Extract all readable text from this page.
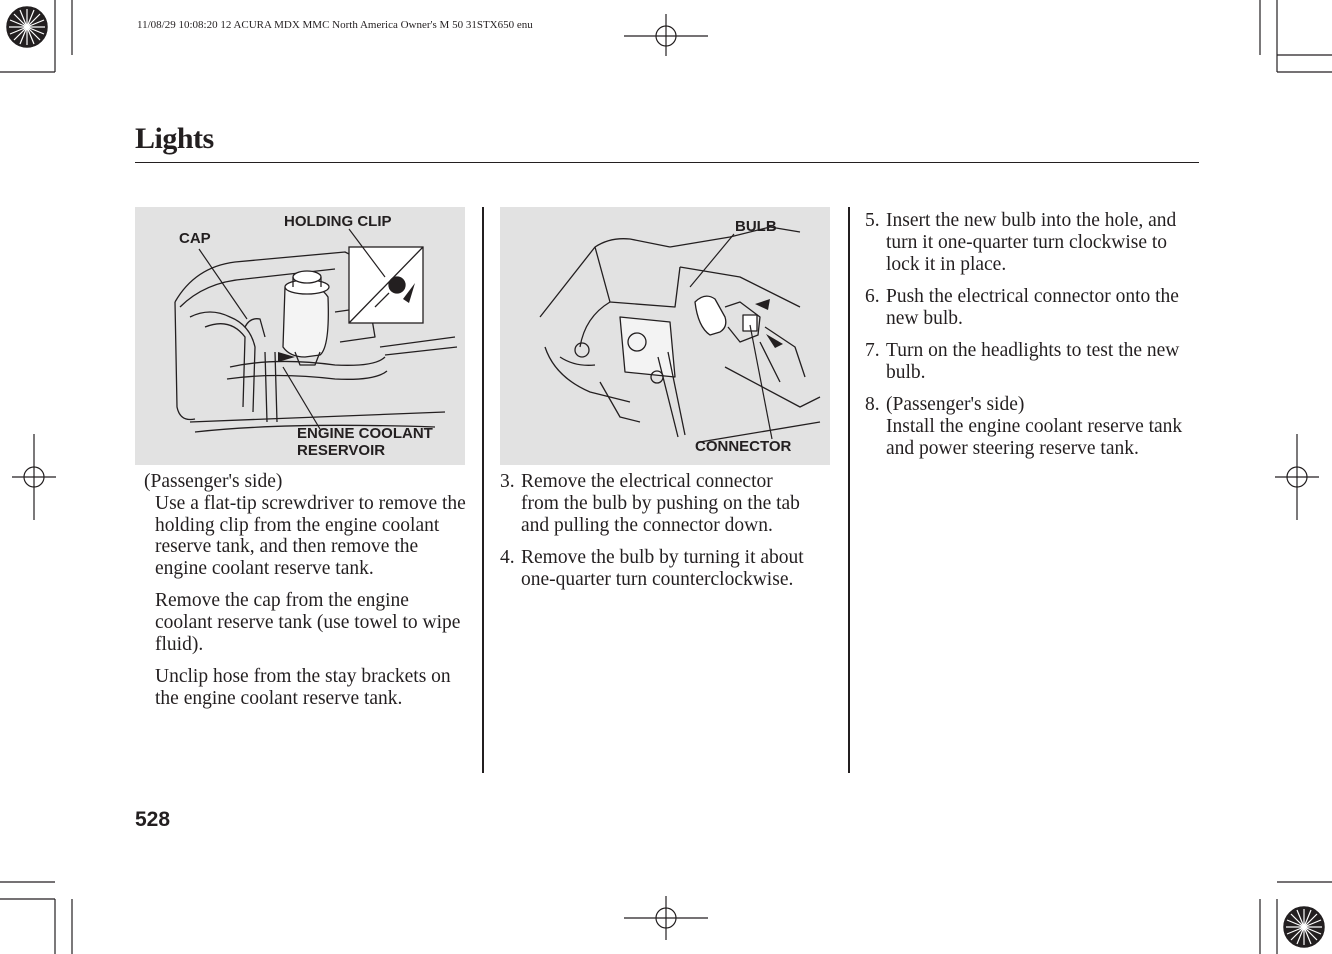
11/08/29 10:08:20 12 ACURA MDX MMC North America Owner's M 50 31STX650 enu
Lights
CAP
HOLDING CLIP
ENGINE COOLANT
RESERVOIR
BULB
CONNECTOR
(Passenger's side)

Use a flat-tip screwdriver to remove the holding clip from the engine coolant reserve tank, and then remove the engine coolant reserve tank.

Remove the cap from the engine coolant reserve tank (use towel to wipe fluid).

Unclip hose from the stay brackets on the engine coolant reserve tank.

3. Remove the electrical connector from the bulb by pushing on the tab and pulling the connector down.
4. Remove the bulb by turning it about one-quarter turn counterclockwise.
5. Insert the new bulb into the hole, and turn it one-quarter turn clockwise to lock it in place.
6. Push the electrical connector onto the new bulb.
7. Turn on the headlights to test the new bulb.
8. (Passenger's side)
Install the engine coolant reserve tank and power steering reserve tank.
528
